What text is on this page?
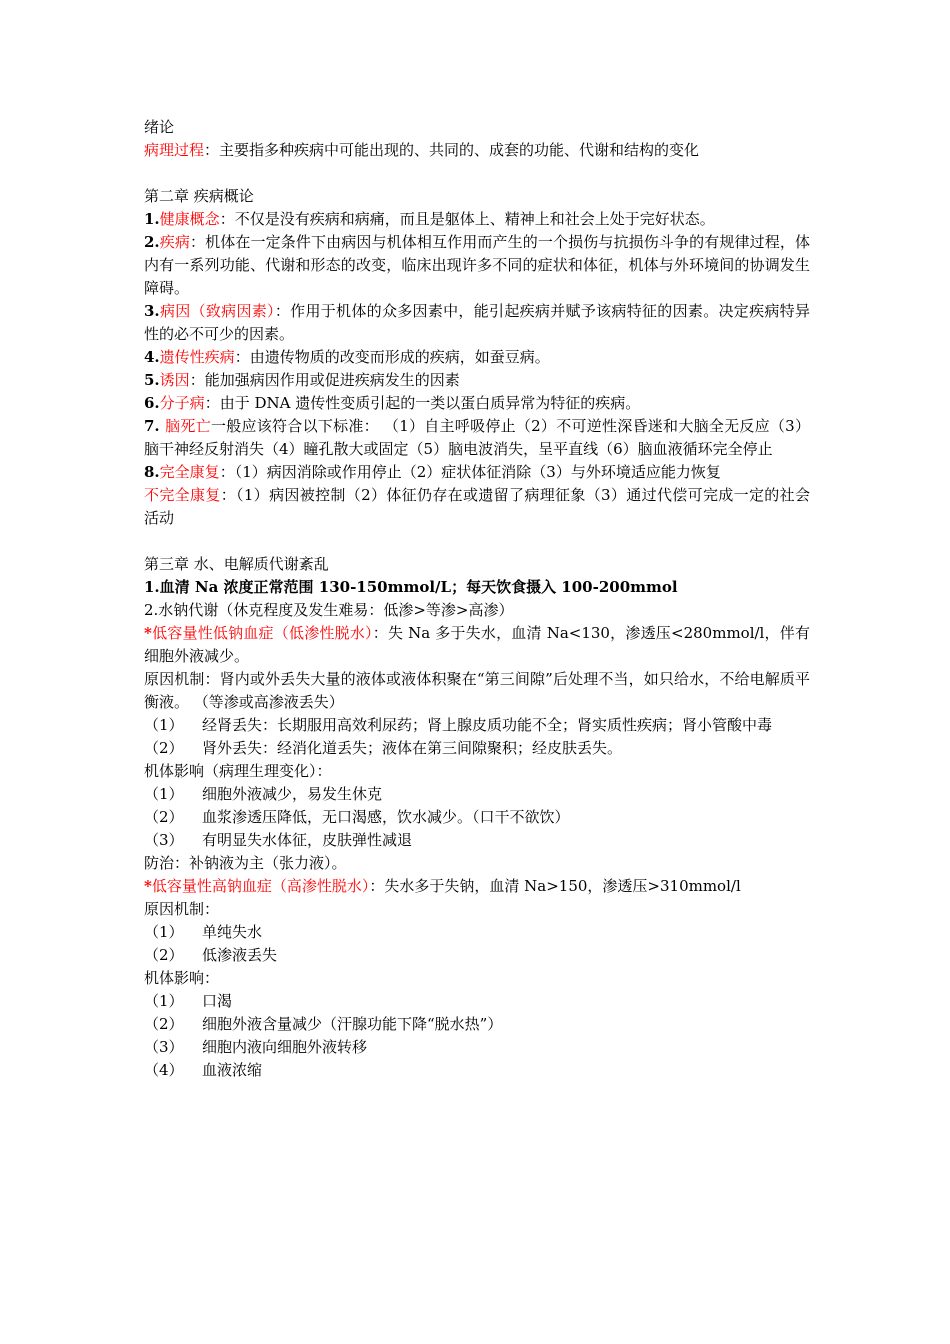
绪论
病理过程：主要指多种疾病中可能出现的、共同的、成套的功能、代谢和结构的变化
第二章 疾病概论
1.健康概念：不仅是没有疾病和病痛，而且是躯体上、精神上和社会上处于完好状态。
2.疾病：机体在一定条件下由病因与机体相互作用而产生的一个损伤与抗损伤斗争的有规律过程，体内有一系列功能、代谢和形态的改变，临床出现许多不同的症状和体征，机体与外环境间的协调发生障碍。
3.病因（致病因素）：作用于机体的众多因素中，能引起疾病并赋予该病特征的因素。决定疾病特异性的必不可少的因素。
4.遗传性疾病：由遗传物质的改变而形成的疾病，如蚕豆病。
5.诱因：能加强病因作用或促进疾病发生的因素
6.分子病：由于 DNA 遗传性变质引起的一类以蛋白质异常为特征的疾病。
7. 脑死亡一般应该符合以下标准： （1）自主呼吸停止（2）不可逆性深昏迷和大脑全无反应（3）脑干神经反射消失（4）瞳孔散大或固定（5）脑电波消失，呈平直线（6）脑血液循环完全停止
8.完全康复：（1）病因消除或作用停止（2）症状体征消除（3）与外环境适应能力恢复
不完全康复：（1）病因被控制（2）体征仍存在或遗留了病理征象（3）通过代偿可完成一定的社会活动
第三章 水、电解质代谢紊乱
1.血清 Na 浓度正常范围 130-150mmol/L；每天饮食摄入 100-200mmol
2.水钠代谢（休克程度及发生难易：低渗>等渗>高渗）
*低容量性低钠血症（低渗性脱水）：失 Na 多于失水，血清 Na<130，渗透压<280mmol/l，伴有细胞外液减少。
原因机制：肾内或外丢失大量的液体或液体积聚在“第三间隙”后处理不当，如只给水，不给电解质平衡液。 （等渗或高渗液丢失）
（1）	经肾丢失：长期服用高效利尿药；肾上腺皮质功能不全；肾实质性疾病；肾小管酸中毒
（2）	肾外丢失：经消化道丢失；液体在第三间隙聚积；经皮肤丢失。
机体影响（病理生理变化）：
（1）	细胞外液减少，易发生休克
（2）	血浆渗透压降低，无口渴感，饮水减少。（口干不欲饮）
（3）	有明显失水体征，皮肤弹性减退
防治：补钠液为主（张力液）。
*低容量性高钠血症（高渗性脱水）：失水多于失钠，血清 Na>150，渗透压>310mmol/l
原因机制：
（1）	单纯失水
（2）	低渗液丢失
机体影响：
（1）	口渴
（2）	细胞外液含量减少（汗腺功能下降“脱水热”）
（3）	细胞内液向细胞外液转移
（4）	血液浓缩
